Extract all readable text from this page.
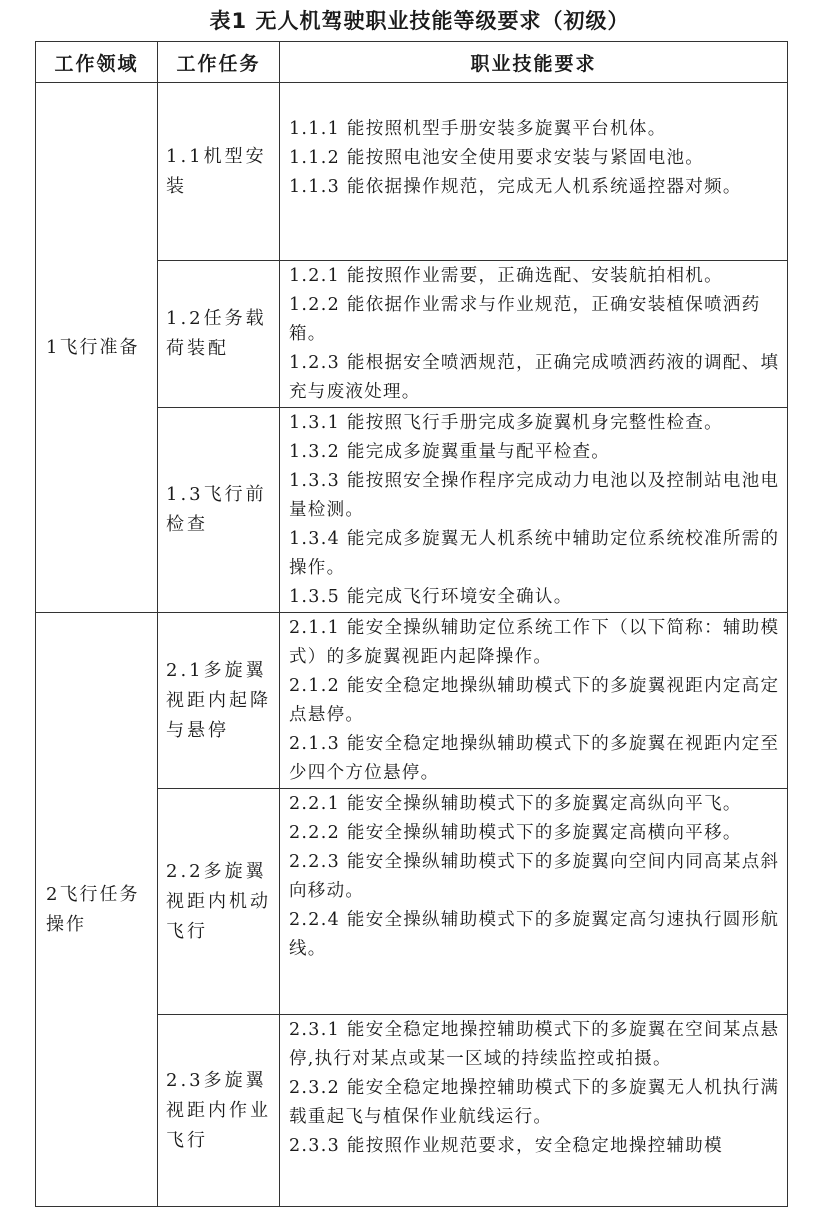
表1 无人机驾驶职业技能等级要求（初级）
工作领域	工作任务	职业技能要求
1飞行准备	1.1机型安装	1.1.1 能按照机型手册安装多旋翼平台机体。
1.1.2 能按照电池安全使用要求安装与紧固电池。
1.1.3 能依据操作规范，完成无人机系统遥控器对频。

	1.2任务载荷装配	1.2.1 能按照作业需要，正确选配、安装航拍相机。
1.2.2 能依据作业需求与作业规范，正确安装植保喷洒药箱。
1.2.3 能根据安全喷洒规范，正确完成喷洒药液的调配、填充与废液处理。

	1.3飞行前检查	1.3.1 能按照飞行手册完成多旋翼机身完整性检查。
1.3.2 能完成多旋翼重量与配平检查。
1.3.3 能按照安全操作程序完成动力电池以及控制站电池电量检测。
1.3.4 能完成多旋翼无人机系统中辅助定位系统校准所需的操作。
1.3.5 能完成飞行环境安全确认。

2飞行任务操作	2.1多旋翼视距内起降与悬停	2.1.1 能安全操纵辅助定位系统工作下（以下简称：辅助模式）的多旋翼视距内起降操作。
2.1.2 能安全稳定地操纵辅助模式下的多旋翼视距内定高定点悬停。
2.1.3 能安全稳定地操纵辅助模式下的多旋翼在视距内定至少四个方位悬停。

	2.2多旋翼视距内机动飞行	2.2.1 能安全操纵辅助模式下的多旋翼定高纵向平飞。
2.2.2 能安全操纵辅助模式下的多旋翼定高横向平移。
2.2.3 能安全操纵辅助模式下的多旋翼向空间内同高某点斜向移动。
2.2.4 能安全操纵辅助模式下的多旋翼定高匀速执行圆形航线。

	2.3多旋翼视距内作业飞行	2.3.1 能安全稳定地操控辅助模式下的多旋翼在空间某点悬停,执行对某点或某一区域的持续监控或拍摄。
2.3.2 能安全稳定地操控辅助模式下的多旋翼无人机执行满载重起飞与植保作业航线运行。
2.3.3 能按照作业规范要求，安全稳定地操控辅助模
